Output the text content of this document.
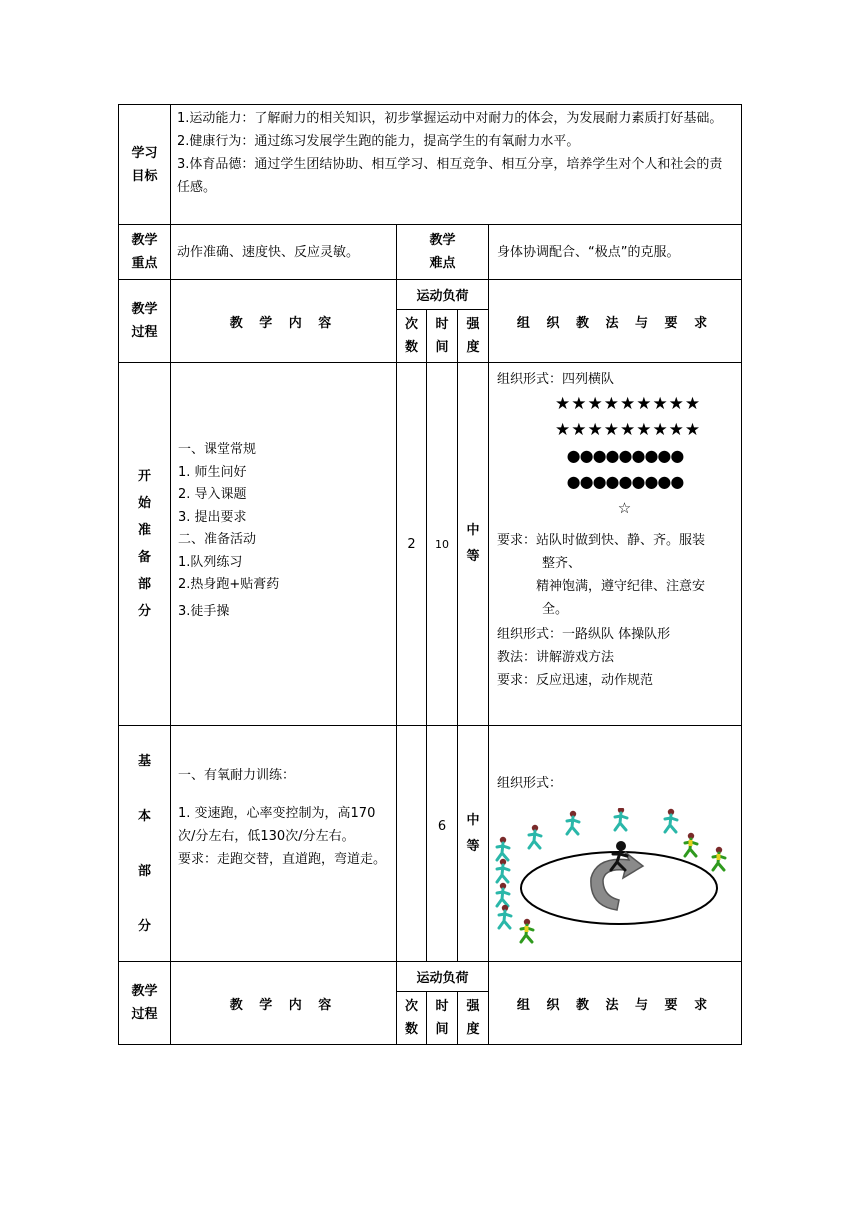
学习目标

1.运动能力：了解耐力的相关知识，初步掌握运动中对耐力的体会，为发展耐力素质打好基础。

2.健康行为：通过练习发展学生跑的能力，提高学生的有氧耐力水平。

3.体育品德：通过学生团结协助、相互学习、相互竞争、相互分享，培养学生对个人和社会的责任感。

教学重点
动作准确、速度快、反应灵敏。
教学难点
身体协调配合、“极点”的克服。
教学过程
教 学 内 容
运动负荷
次数
时间
强度
组 织 教 法 与 要 求
开始准备部分

一、课堂常规

1. 师生问好

2. 导入课题

3. 提出要求

二、准备活动

1.队列练习

2.热身跑+贴膏药

3.徒手操

2 10
中等

组织形式：四列横队

★★★★★★★★★
★★★★★★★★★
●●●●●●●●●
●●●●●●●●●
☆

要求：站队时做到快、静、齐。服装

整齐、

精神饱满，遵守纪律、注意安

全。

组织形式：一路纵队 体操队形

教法：讲解游戏方法

要求：反应迅速，动作规范

基本部分

一、有氧耐力训练：

1. 变速跑，心率变控制为，高170次/分左右，低130次/分左右。

要求：走跑交替，直道跑，弯道走。

6 中等

组织形式：

教学过程
教 学 内 容
运动负荷
次数
时间
强度
组 织 教 法 与 要 求
